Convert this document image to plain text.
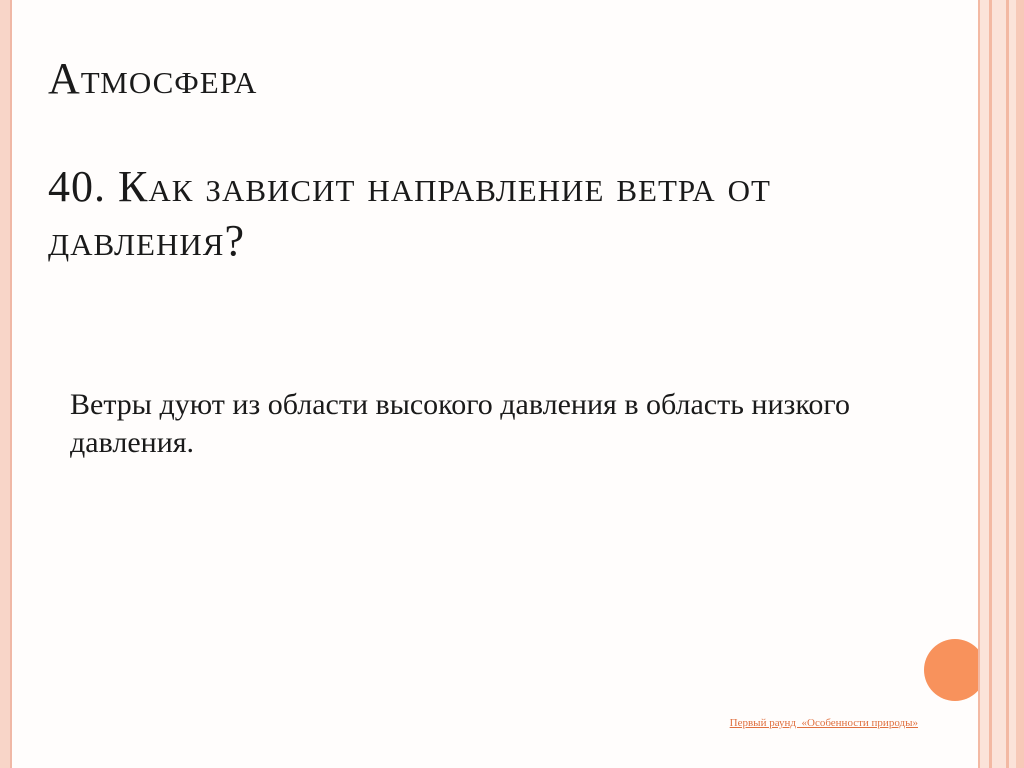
Атмосфера
40. Как зависит направление ветра от давления?
Ветры дуют из области высокого давления в область низкого давления.
Первый раунд  «Особенности природы»
